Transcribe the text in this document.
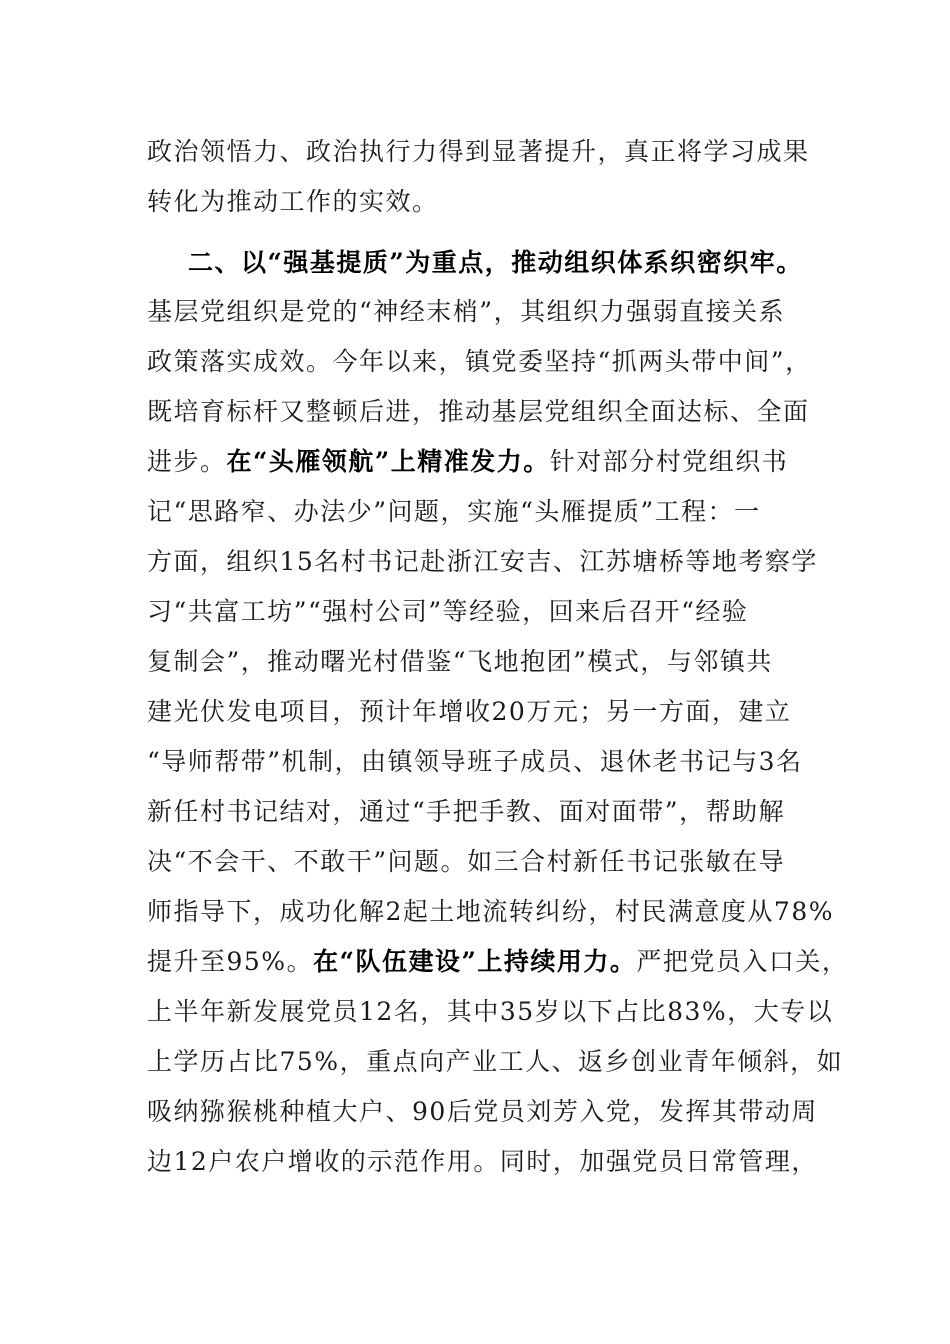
政治领悟力、政治执行力得到显著提升，真正将学习成果
转化为推动工作的实效。
二、以“强基提质”为重点，推动组织体系织密织牢。
基层党组织是党的“神经末梢”，其组织力强弱直接关系
政策落实成效。今年以来，镇党委坚持“抓两头带中间”，
既培育标杆又整顿后进，推动基层党组织全面达标、全面
进步。在“头雁领航”上精准发力。针对部分村党组织书
记“思路窄、办法少”问题，实施“头雁提质”工程：一
方面，组织15名村书记赴浙江安吉、江苏塘桥等地考察学
习“共富工坊”“强村公司”等经验，回来后召开“经验
复制会”，推动曙光村借鉴“飞地抱团”模式，与邻镇共
建光伏发电项目，预计年增收20万元；另一方面，建立
“导师帮带”机制，由镇领导班子成员、退休老书记与3名
新任村书记结对，通过“手把手教、面对面带”，帮助解
决“不会干、不敢干”问题。如三合村新任书记张敏在导
师指导下，成功化解2起土地流转纠纷，村民满意度从78%
提升至95%。在“队伍建设”上持续用力。严把党员入口关，
上半年新发展党员12名，其中35岁以下占比83%，大专以
上学历占比75%，重点向产业工人、返乡创业青年倾斜，如
吸纳猕猴桃种植大户、90后党员刘芳入党，发挥其带动周
边12户农户增收的示范作用。同时，加强党员日常管理，
